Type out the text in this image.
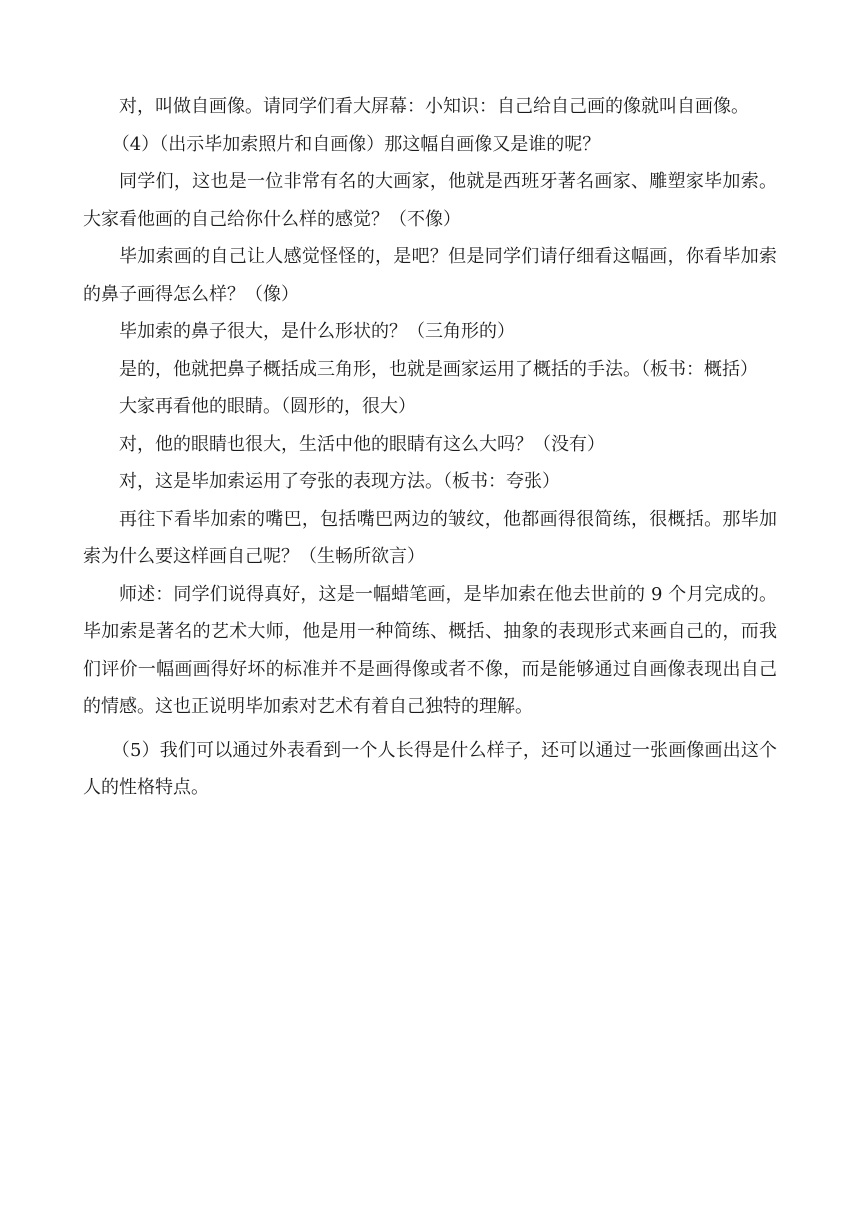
对，叫做自画像。请同学们看大屏幕：小知识：自己给自己画的像就叫自画像。

（4）（出示毕加索照片和自画像）那这幅自画像又是谁的呢？

同学们，这也是一位非常有名的大画家，他就是西班牙著名画家、雕塑家毕加索。大家看他画的自己给你什么样的感觉？（不像）

毕加索画的自己让人感觉怪怪的，是吧？但是同学们请仔细看这幅画，你看毕加索的鼻子画得怎么样？（像）

毕加索的鼻子很大，是什么形状的？（三角形的）

是的，他就把鼻子概括成三角形，也就是画家运用了概括的手法。（板书：概括）

大家再看他的眼睛。（圆形的，很大）

对，他的眼睛也很大，生活中他的眼睛有这么大吗？（没有）

对，这是毕加索运用了夸张的表现方法。（板书：夸张）

再往下看毕加索的嘴巴，包括嘴巴两边的皱纹，他都画得很简练，很概括。那毕加索为什么要这样画自己呢？（生畅所欲言）

师述：同学们说得真好，这是一幅蜡笔画，是毕加索在他去世前的 9 个月完成的。毕加索是著名的艺术大师，他是用一种简练、概括、抽象的表现形式来画自己的，而我们评价一幅画画得好坏的标准并不是画得像或者不像，而是能够通过自画像表现出自己的情感。这也正说明毕加索对艺术有着自己独特的理解。

（5）我们可以通过外表看到一个人长得是什么样子，还可以通过一张画像画出这个人的性格特点。
